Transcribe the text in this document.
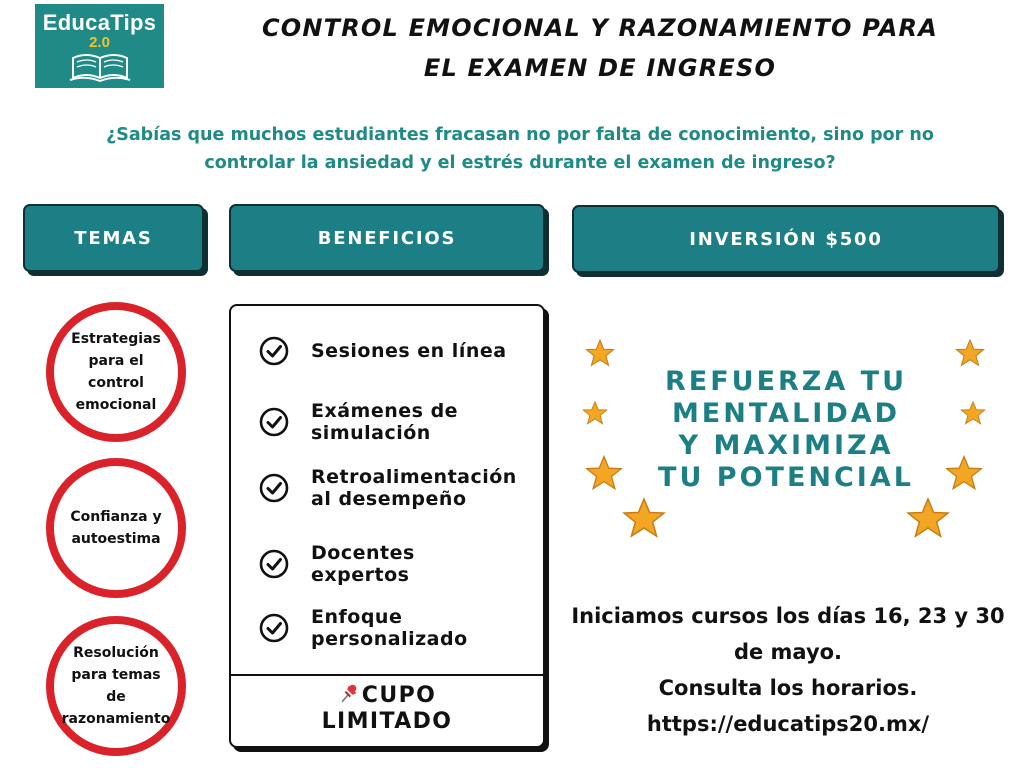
EducaTips
2.0
CONTROL EMOCIONAL Y RAZONAMIENTO PARA
EL EXAMEN DE INGRESO
¿Sabías que muchos estudiantes fracasan no por falta de conocimiento, sino por no
controlar la ansiedad y el estrés durante el examen de ingreso?
TEMAS	BENEFICIOS	INVERSIÓN $500
Estrategias
para el control
emocional
Confianza y
autoestima
Resolución
para temas de
razonamiento
Sesiones en línea
Exámenes de
simulación
Retroalimentación
al desempeño
Docentes expertos
Enfoque
personalizado
CUPO
LIMITADO
REFUERZA TU
MENTALIDAD
Y MAXIMIZA
TU POTENCIAL
Iniciamos cursos los días 16, 23 y 30
de mayo.
Consulta los horarios.
https://educatips20.mx/
